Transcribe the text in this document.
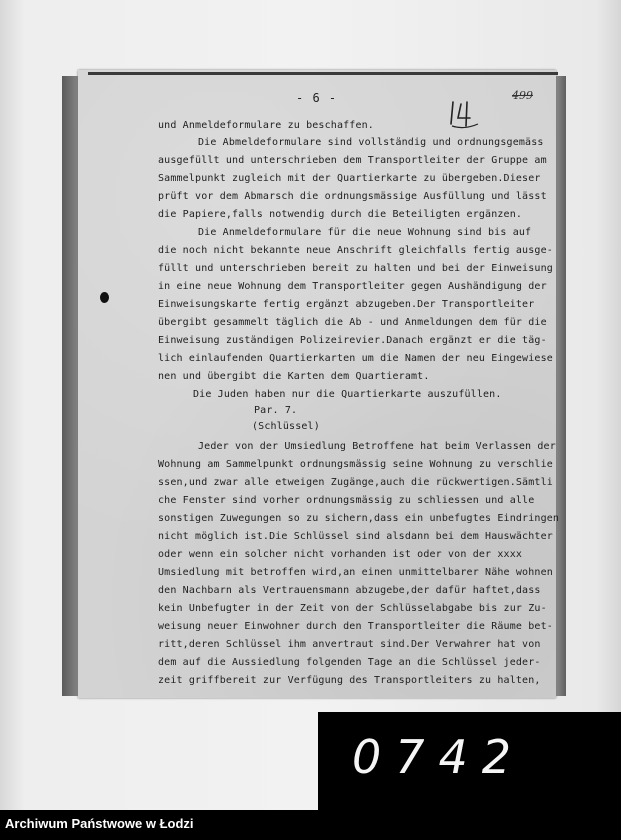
- 6 -	499
und Anmeldeformulare zu beschaffen.
Die Abmeldeformulare sind vollständig und ordnungsgemäss
ausgefüllt und unterschrieben dem Transportleiter der Gruppe am
Sammelpunkt zugleich mit der Quartierkarte zu übergeben.Dieser
prüft vor dem Abmarsch die ordnungsmässige Ausfüllung und lässt
die Papiere,falls notwendig durch die Beteiligten ergänzen.
Die Anmeldeformulare für die neue Wohnung sind bis auf
die noch nicht bekannte neue Anschrift gleichfalls fertig ausge-
füllt und unterschrieben bereit zu halten und bei der Einweisung
in eine neue Wohnung dem Transportleiter gegen Aushändigung der
Einweisungskarte fertig ergänzt abzugeben.Der Transportleiter
übergibt gesammelt täglich die Ab - und Anmeldungen dem für die
Einweisung zuständigen Polizeirevier.Danach ergänzt er die täg-
lich einlaufenden Quartierkarten um die Namen der neu Eingewiese
nen und übergibt die Karten dem Quartieramt.
Die Juden haben nur die Quartierkarte auszufüllen.
Par. 7.
(Schlüssel)
Jeder von der Umsiedlung Betroffene hat beim Verlassen der
Wohnung am Sammelpunkt ordnungsmässig seine Wohnung zu verschlie
ssen,und zwar alle etweigen Zugänge,auch die rückwertigen.Sämtli
che Fenster sind vorher ordnungsmässig zu schliessen und alle
sonstigen Zuwegungen so zu sichern,dass ein unbefugtes Eindringen
nicht möglich ist.Die Schlüssel sind alsdann bei dem Hauswächter
oder wenn ein solcher nicht vorhanden ist oder von der xxxx
Umsiedlung mit betroffen wird,an einen unmittelbarer Nähe wohnen
den Nachbarn als Vertrauensmann abzugebe,der dafür haftet,dass
kein Unbefugter in der Zeit von der Schlüsselabgabe bis zur Zu-
weisung neuer Einwohner durch den Transportleiter die Räume bet-
ritt,deren Schlüssel ihm anvertraut sind.Der Verwahrer hat von
dem auf die Aussiedlung folgenden Tage an die Schlüssel jeder-
zeit griffbereit zur Verfügung des Transportleiters zu halten,
0742
Archiwum Państwowe w Łodzi
